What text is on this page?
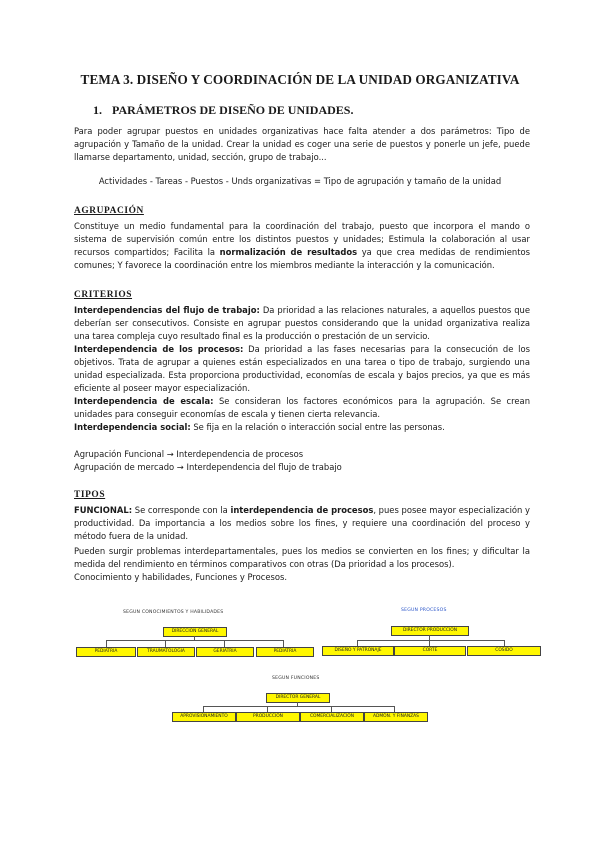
TEMA 3. DISEÑO Y COORDINACIÓN DE LA UNIDAD ORGANIZATIVA
1. PARÁMETROS DE DISEÑO DE UNIDADES.
Para poder agrupar puestos en unidades organizativas hace falta atender a dos parámetros: Tipo de agrupación y Tamaño de la unidad. Crear la unidad es coger una serie de puestos y ponerle un jefe, puede llamarse departamento, unidad, sección, grupo de trabajo...
Actividades - Tareas - Puestos - Unds organizativas = Tipo de agrupación y tamaño de la unidad
AGRUPACIÓN
Constituye un medio fundamental para la coordinación del trabajo, puesto que incorpora el mando o sistema de supervisión común entre los distintos puestos y unidades; Estimula la colaboración al usar recursos compartidos; Facilita la normalización de resultados ya que crea medidas de rendimientos comunes; Y favorece la coordinación entre los miembros mediante la interacción y la comunicación.
CRITERIOS
Interdependencias del flujo de trabajo: Da prioridad a las relaciones naturales, a aquellos puestos que deberían ser consecutivos. Consiste en agrupar puestos considerando que la unidad organizativa realiza una tarea compleja cuyo resultado final es la producción o prestación de un servicio.
Interdependencia de los procesos: Da prioridad a las fases necesarias para la consecución de los objetivos. Trata de agrupar a quienes están especializados en una tarea o tipo de trabajo, surgiendo una unidad especializada. Esta proporciona productividad, economías de escala y bajos precios, ya que es más eficiente al poseer mayor especialización.
Interdependencia de escala: Se consideran los factores económicos para la agrupación. Se crean unidades para conseguir economías de escala y tienen cierta relevancia.
Interdependencia social: Se fija en la relación o interacción social entre las personas.
Agrupación Funcional → Interdependencia de procesos
Agrupación de mercado → Interdependencia del flujo de trabajo
TIPOS
FUNCIONAL: Se corresponde con la interdependencia de procesos, pues posee mayor especialización y productividad. Da importancia a los medios sobre los fines, y requiere una coordinación del proceso y método fuera de la unidad.
Pueden surgir problemas interdepartamentales, pues los medios se convierten en los fines; y dificultar la medida del rendimiento en términos comparativos con otras (Da prioridad a los procesos).
Conocimiento y habilidades, Funciones y Procesos.
SEGUN CONOCIMIENTOS Y HABILIDADES
DIRECCION GENERAL
PEDIATRIA	TRAUMATOLOGIA	GERIATRIA	PEDIATRIA
SEGUN PROCESOS
DIRECTOR PRODUCCION
DISEÑO Y PATRONAJE	CORTE	COSIDO
SEGUN FUNCIONES
DIRECTOR GENERAL
APROVISIONAMIENTO	PRODUCCIÓN	COMERCIALIZACIÓN	ADMÓN. Y FINANZAS
